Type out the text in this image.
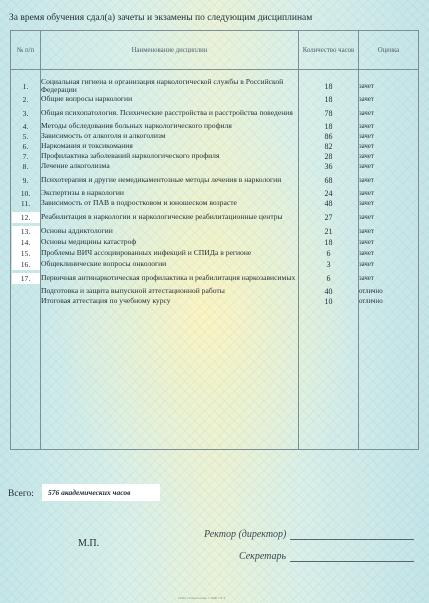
За время обучения сдал(а) зачеты и экзамены по следующим дисциплинам
№ п/п	Наименование дисциплин	Количество часов	Оценка

1.	Социальная гигиена и организация наркологической службы в Российской Федерации	18	зачет
2.	Общие вопросы наркологии	18	зачет
3.	Общая психопатология. Психические расстройства и расстройства поведения	78	зачет
4.	Методы обследования больных наркологического профиля	18	зачет
5.	Зависимость от алкоголя и алкоголизм	86	зачет
6.	Наркомания и токсикомания	82	зачет
7.	Профилактика заболеваний наркологического профиля	28	зачет
8.	Лечение алкоголизма	36	зачет
9.	Психотерапия и другие немедикаментозные методы лечения в наркологии	68	зачет
10.	Экспертизы в наркологии	24	зачет
11.	Зависимость от ПАВ в подростковом и юношеском возрасте	48	зачет
12.	Реабилитация в наркологии и наркологические реабилитационные центры	27	зачет
13.	Основы аддиктологии	21	зачет
14.	Основы медицины катастроф	18	зачет
15.	Проблемы ВИЧ ассоциированных инфекций и СПИДа в регионе	6	зачет
16.	Общеклинические вопросы онкологии	3	зачет
17.	Первичная антинаркотическая профилактика и реабилитация наркозависимых	6	зачет
	Подготовка и защита выпускной аттестационной работы	40	отлично
	Итоговая аттестация по учебному курсу	10	отлично

Всего:	576 академических часов
М.П.
Ректор (директор)
Секретарь
ООО «Технология» ▪ 2000 ▪ Б.Т
